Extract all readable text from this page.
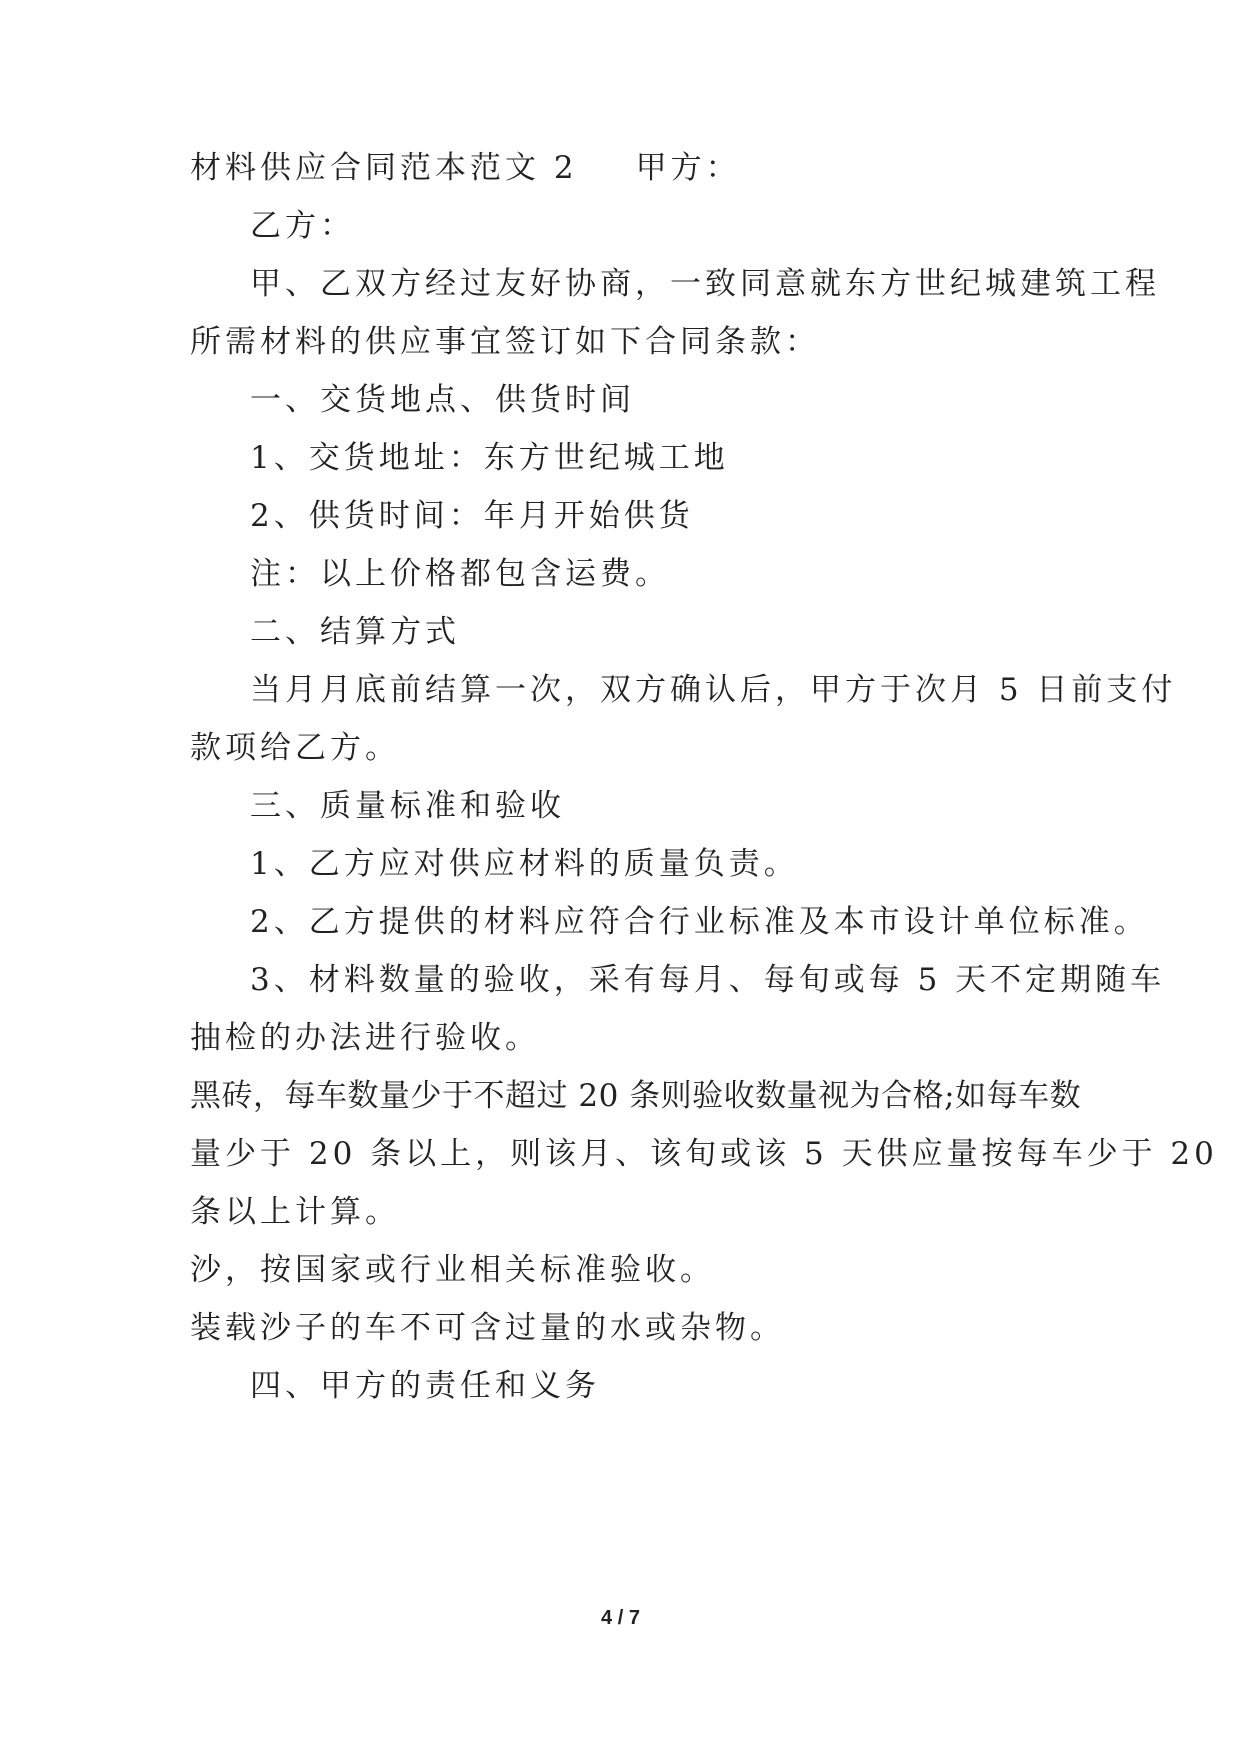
材料供应合同范本范文 2 甲方：

乙方：

甲、乙双方经过友好协商，一致同意就东方世纪城建筑工程

所需材料的供应事宜签订如下合同条款：

一、交货地点、供货时间

1、交货地址：东方世纪城工地

2、供货时间：年月开始供货

注：以上价格都包含运费。

二、结算方式

当月月底前结算一次，双方确认后，甲方于次月 5 日前支付

款项给乙方。

三、质量标准和验收

1、乙方应对供应材料的质量负责。

2、乙方提供的材料应符合行业标准及本市设计单位标准。

3、材料数量的验收，采有每月、每旬或每 5 天不定期随车

抽检的办法进行验收。

黑砖，每车数量少于不超过 20 条则验收数量视为合格;如每车数

量少于 20 条以上，则该月、该旬或该 5 天供应量按每车少于 20

条以上计算。

沙，按国家或行业相关标准验收。

装载沙子的车不可含过量的水或杂物。

四、甲方的责任和义务

4 / 7
